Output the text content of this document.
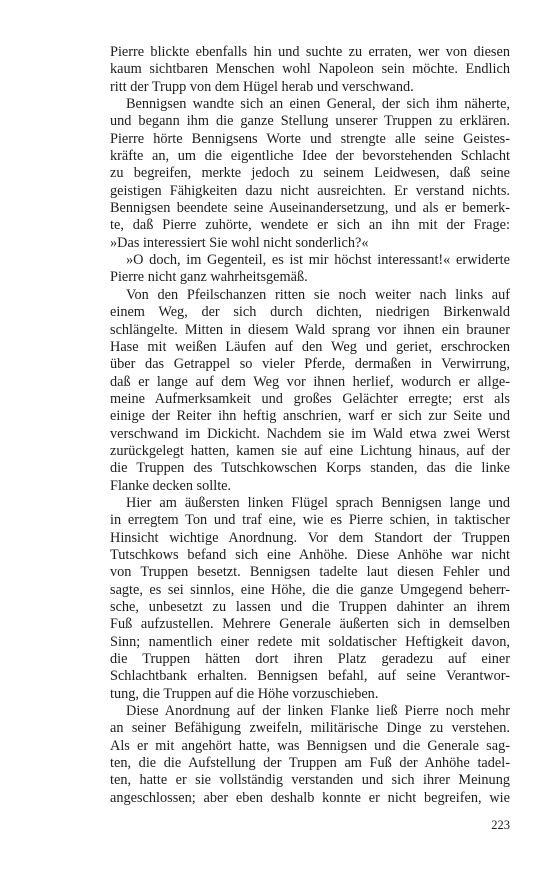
Pierre blickte ebenfalls hin und suchte zu erraten, wer von diesen
kaum sichtbaren Menschen wohl Napoleon sein möchte. Endlich
ritt der Trupp von dem Hügel herab und verschwand.
Bennigsen wandte sich an einen General, der sich ihm näherte,
und begann ihm die ganze Stellung unserer Truppen zu erklären.
Pierre hörte Bennigsens Worte und strengte alle seine Geistes-
kräfte an, um die eigentliche Idee der bevorstehenden Schlacht
zu begreifen, merkte jedoch zu seinem Leidwesen, daß seine
geistigen Fähigkeiten dazu nicht ausreichten. Er verstand nichts.
Bennigsen beendete seine Auseinandersetzung, und als er bemerk-
te, daß Pierre zuhörte, wendete er sich an ihn mit der Frage:
»Das interessiert Sie wohl nicht sonderlich?«
»O doch, im Gegenteil, es ist mir höchst interessant!« erwiderte
Pierre nicht ganz wahrheitsgemäß.
Von den Pfeilschanzen ritten sie noch weiter nach links auf
einem Weg, der sich durch dichten, niedrigen Birkenwald
schlängelte. Mitten in diesem Wald sprang vor ihnen ein brauner
Hase mit weißen Läufen auf den Weg und geriet, erschrocken
über das Getrappel so vieler Pferde, dermaßen in Verwirrung,
daß er lange auf dem Weg vor ihnen herlief, wodurch er allge-
meine Aufmerksamkeit und großes Gelächter erregte; erst als
einige der Reiter ihn heftig anschrien, warf er sich zur Seite und
verschwand im Dickicht. Nachdem sie im Wald etwa zwei Werst
zurückgelegt hatten, kamen sie auf eine Lichtung hinaus, auf der
die Truppen des Tutschkowschen Korps standen, das die linke
Flanke decken sollte.
Hier am äußersten linken Flügel sprach Bennigsen lange und
in erregtem Ton und traf eine, wie es Pierre schien, in taktischer
Hinsicht wichtige Anordnung. Vor dem Standort der Truppen
Tutschkows befand sich eine Anhöhe. Diese Anhöhe war nicht
von Truppen besetzt. Bennigsen tadelte laut diesen Fehler und
sagte, es sei sinnlos, eine Höhe, die die ganze Umgegend beherr-
sche, unbesetzt zu lassen und die Truppen dahinter an ihrem
Fuß aufzustellen. Mehrere Generale äußerten sich in demselben
Sinn; namentlich einer redete mit soldatischer Heftigkeit davon,
die Truppen hätten dort ihren Platz geradezu auf einer
Schlachtbank erhalten. Bennigsen befahl, auf seine Verantwor-
tung, die Truppen auf die Höhe vorzuschieben.
Diese Anordnung auf der linken Flanke ließ Pierre noch mehr
an seiner Befähigung zweifeln, militärische Dinge zu verstehen.
Als er mit angehört hatte, was Bennigsen und die Generale sag-
ten, die die Aufstellung der Truppen am Fuß der Anhöhe tadel-
ten, hatte er sie vollständig verstanden und sich ihrer Meinung
angeschlossen; aber eben deshalb konnte er nicht begreifen, wie
223
